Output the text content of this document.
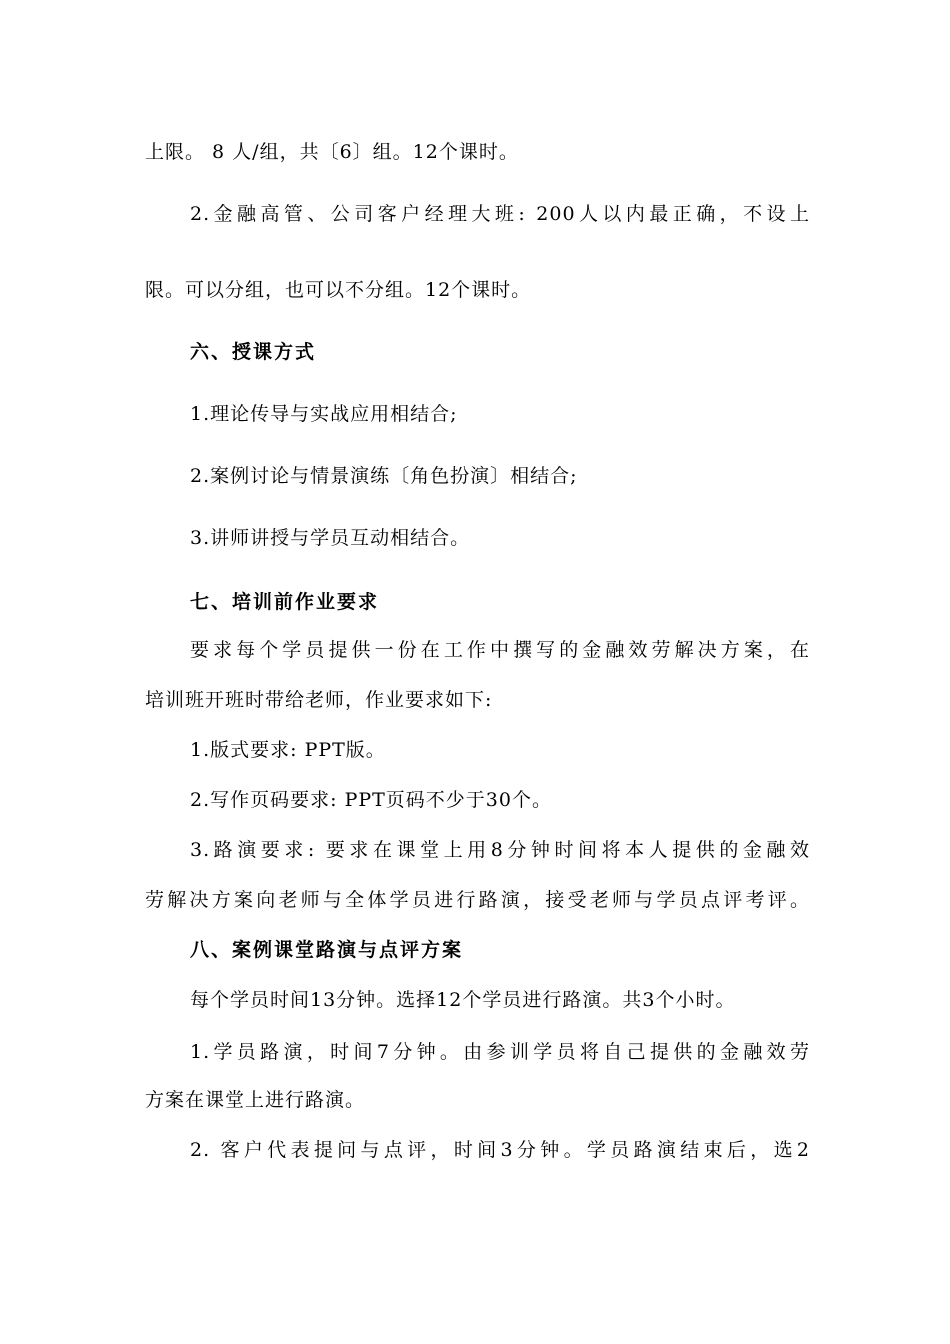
上限。 8 人/组，共〔6〕组。12个课时。
2.金融高管、公司客户经理大班: 200人以内最正确，不设上
限。可以分组，也可以不分组。12个课时。
六、授课方式
1.理论传导与实战应用相结合;
2.案例讨论与情景演练〔角色扮演〕相结合;
3.讲师讲授与学员互动相结合。
七、培训前作业要求
要求每个学员提供一份在工作中撰写的金融效劳解决方案，在
培训班开班时带给老师，作业要求如下:
1.版式要求: PPT版。
2.写作页码要求: PPT页码不少于30个。
3.路演要求: 要求在课堂上用8分钟时间将本人提供的金融效
劳解决方案向老师与全体学员进行路演，接受老师与学员点评考评。
八、案例课堂路演与点评方案
每个学员时间13分钟。选择12个学员进行路演。共3个小时。
1.学员路演，时间7分钟。由参训学员将自己提供的金融效劳
方案在课堂上进行路演。
2. 客户代表提问与点评，时间3分钟。学员路演结束后，选2
